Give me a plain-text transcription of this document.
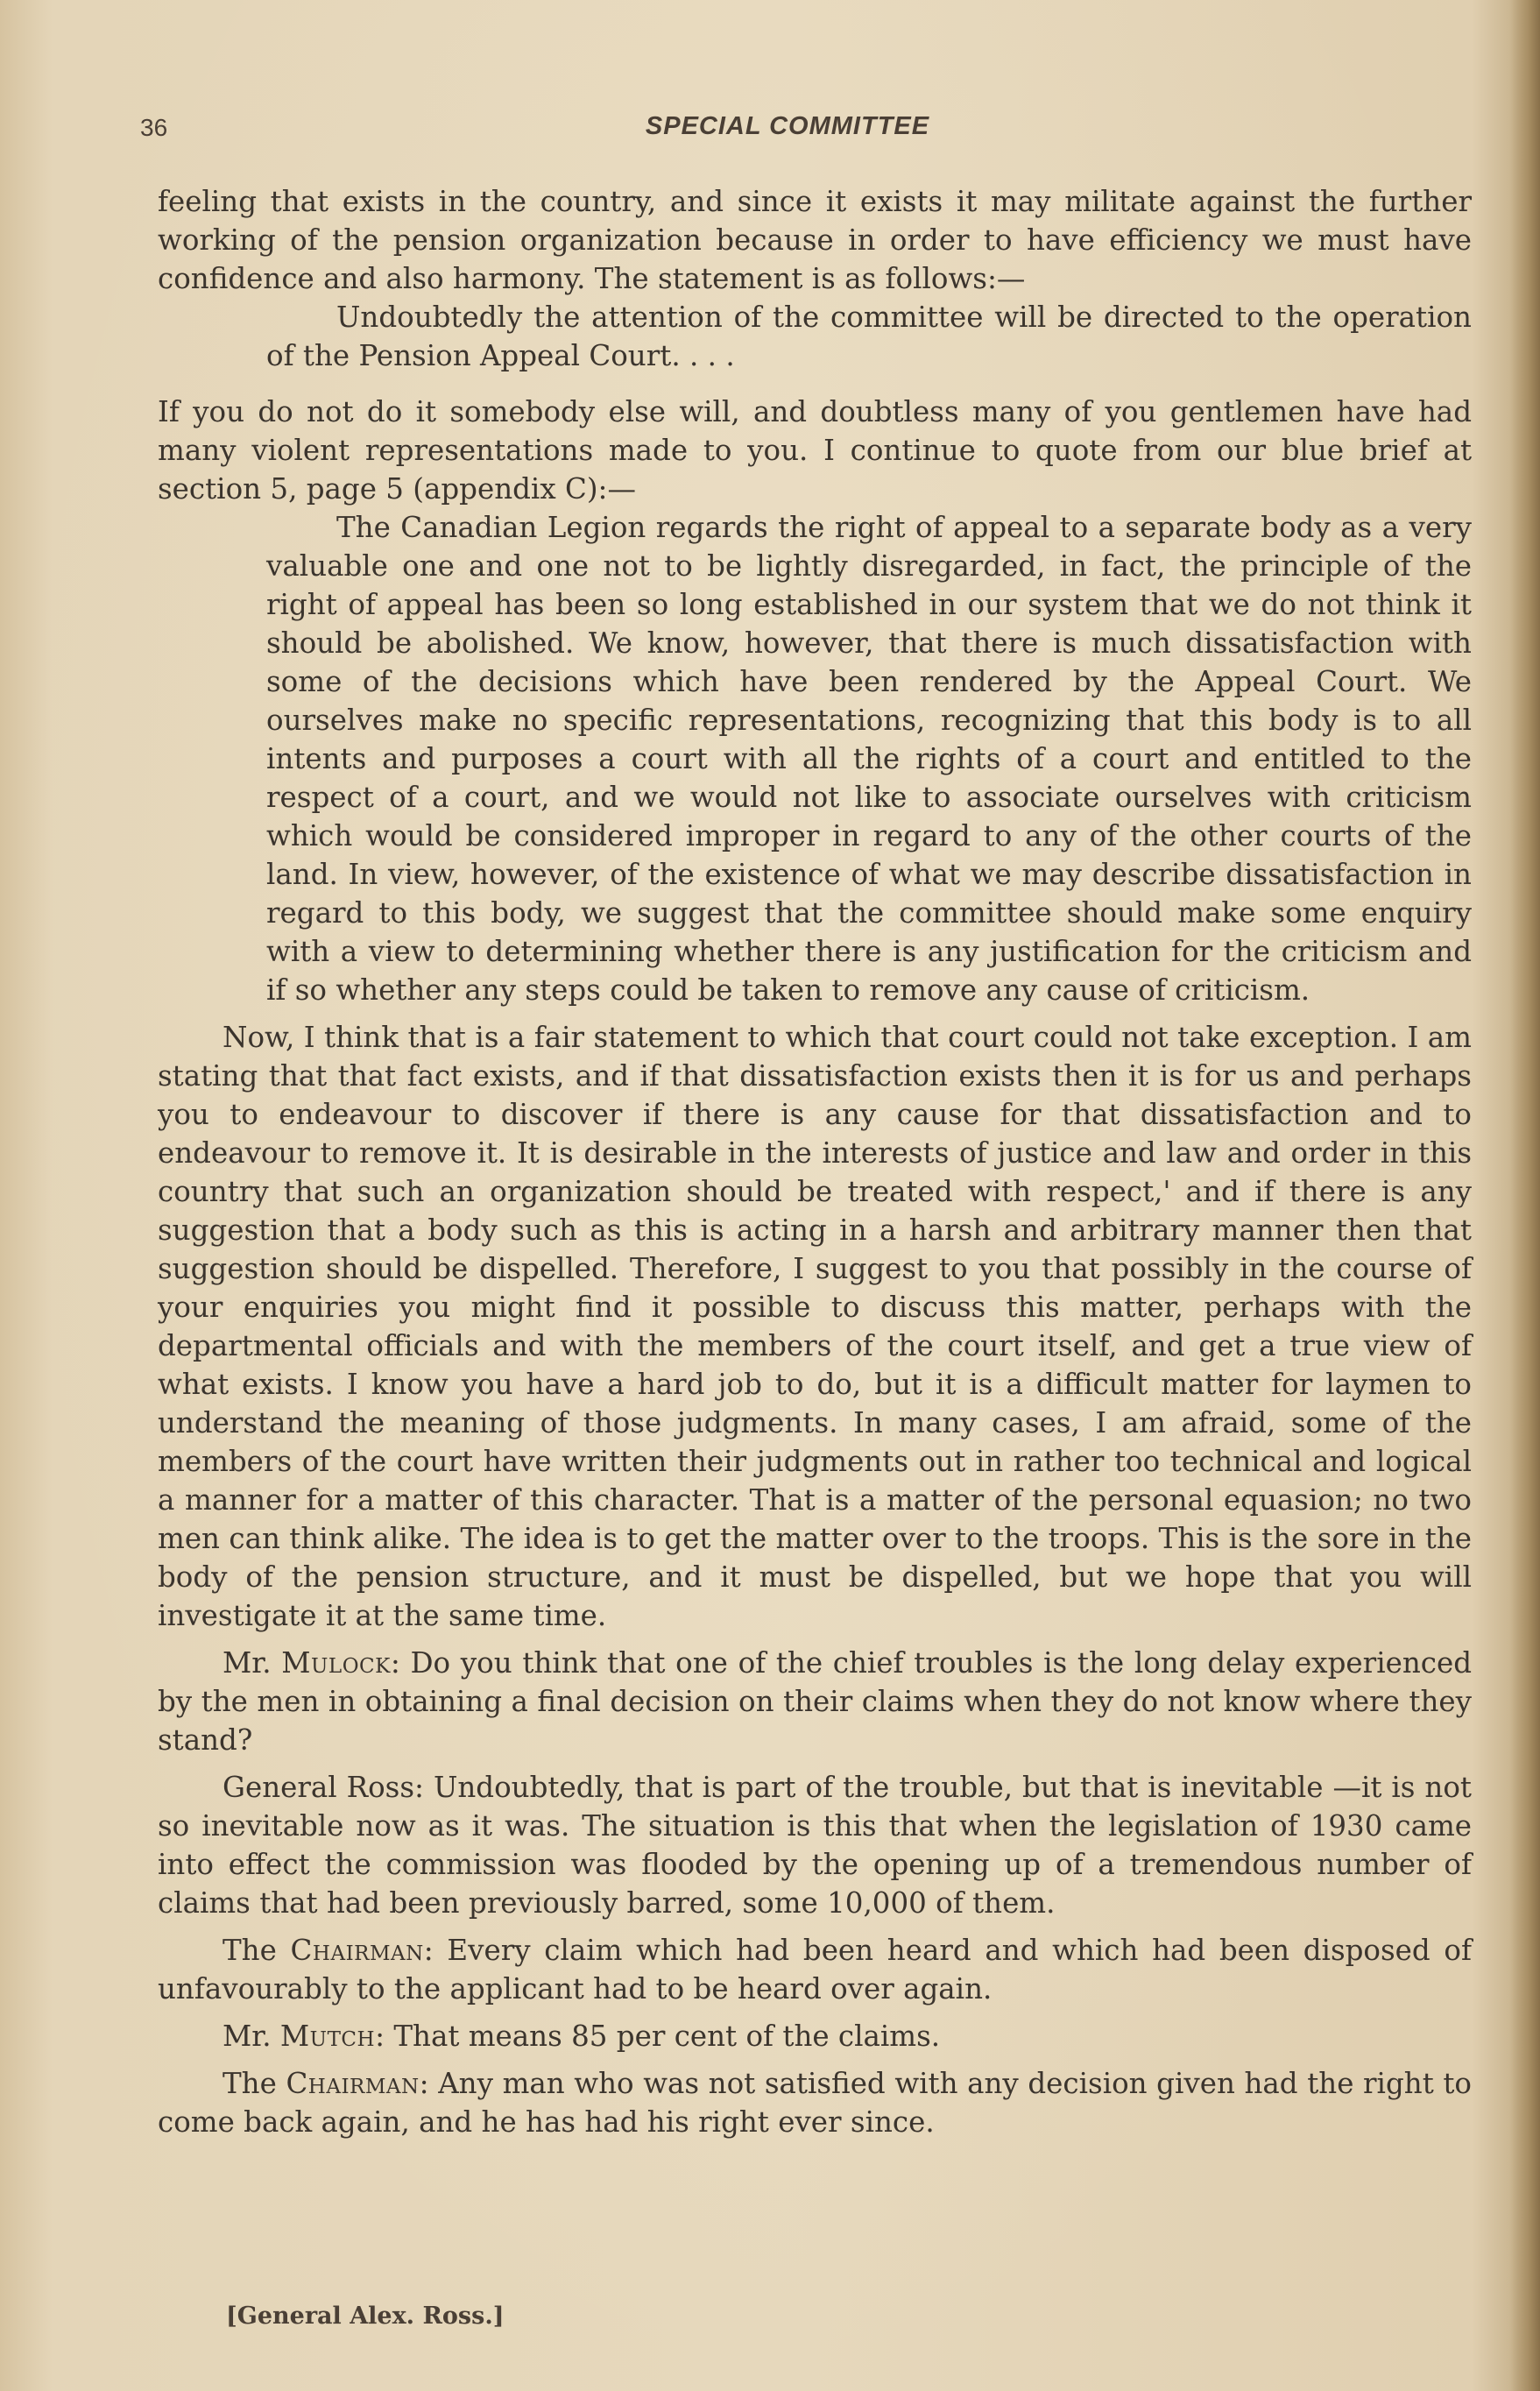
36	SPECIAL COMMITTEE

feeling that exists in the country, and since it exists it may militate against the further working of the pension organization because in order to have efficiency we must have confidence and also harmony. The statement is as follows:—

Undoubtedly the attention of the committee will be directed to the operation of the Pension Appeal Court. . . .

If you do not do it somebody else will, and doubtless many of you gentlemen have had many violent representations made to you. I continue to quote from our blue brief at section 5, page 5 (appendix C):—

The Canadian Legion regards the right of appeal to a separate body as a very valuable one and one not to be lightly disregarded, in fact, the principle of the right of appeal has been so long established in our system that we do not think it should be abolished. We know, however, that there is much dissatisfaction with some of the decisions which have been rendered by the Appeal Court. We ourselves make no specific representations, recognizing that this body is to all intents and purposes a court with all the rights of a court and entitled to the respect of a court, and we would not like to associate ourselves with criticism which would be considered improper in regard to any of the other courts of the land. In view, however, of the existence of what we may describe dissatisfaction in regard to this body, we suggest that the committee should make some enquiry with a view to determining whether there is any justification for the criticism and if so whether any steps could be taken to remove any cause of criticism.

Now, I think that is a fair statement to which that court could not take exception. I am stating that that fact exists, and if that dissatisfaction exists then it is for us and perhaps you to endeavour to discover if there is any cause for that dissatisfaction and to endeavour to remove it. It is desirable in the interests of justice and law and order in this country that such an organization should be treated with respect,' and if there is any suggestion that a body such as this is acting in a harsh and arbitrary manner then that suggestion should be dispelled. Therefore, I suggest to you that possibly in the course of your enquiries you might find it possible to discuss this matter, perhaps with the departmental officials and with the members of the court itself, and get a true view of what exists. I know you have a hard job to do, but it is a difficult matter for laymen to understand the meaning of those judgments. In many cases, I am afraid, some of the members of the court have written their judgments out in rather too technical and logical a manner for a matter of this character. That is a matter of the personal equasion; no two men can think alike. The idea is to get the matter over to the troops. This is the sore in the body of the pension structure, and it must be dispelled, but we hope that you will investigate it at the same time.

Mr. Mulock: Do you think that one of the chief troubles is the long delay experienced by the men in obtaining a final decision on their claims when they do not know where they stand?

General Ross: Undoubtedly, that is part of the trouble, but that is inevitable —it is not so inevitable now as it was. The situation is this that when the legislation of 1930 came into effect the commission was flooded by the opening up of a tremendous number of claims that had been previously barred, some 10,000 of them.

The Chairman: Every claim which had been heard and which had been disposed of unfavourably to the applicant had to be heard over again.

Mr. Mutch: That means 85 per cent of the claims.

The Chairman: Any man who was not satisfied with any decision given had the right to come back again, and he has had his right ever since.

[General Alex. Ross.]
